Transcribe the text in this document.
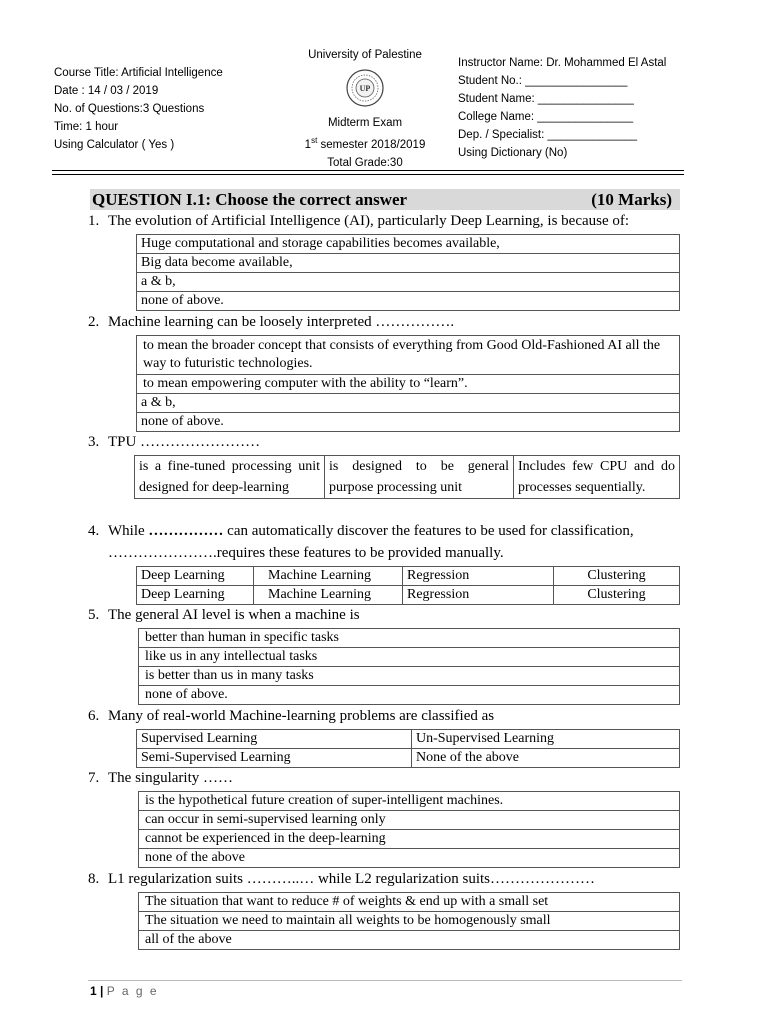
Course Title: Artificial Intelligence
Date : 14 / 03 / 2019
No. of Questions:3 Questions
Time: 1 hour
Using Calculator ( Yes )
University of Palestine
UP
Midterm Exam
1st semester 2018/2019
Total Grade:30
Instructor Name: Dr. Mohammed El Astal
Student No.: ________________
Student Name: _______________
College Name: _______________
Dep. / Specialist: ______________
Using Dictionary (No)
QUESTION I.1: Choose the correct answer	(10 Marks)
1. The evolution of Artificial Intelligence (AI), particularly Deep Learning, is because of:
Huge computational and storage capabilities becomes available,
Big data become available,
a & b,
none of above.
2. Machine learning can be loosely interpreted …………….
to mean the broader concept that consists of everything from Good Old-Fashioned AI all the way to futuristic technologies.
to mean empowering computer with the ability to “learn”.
a & b,
none of above.
3. TPU ……………………
is a fine-tuned processing unit designed for deep-learning	is designed to be general purpose processing unit	Includes few CPU and do processes sequentially.
4. While …………… can automatically discover the features to be used for classification,
………………….requires these features to be provided manually.
Deep Learning	Machine Learning	Regression	Clustering
Deep Learning	Machine Learning	Regression	Clustering
5. The general AI level is when a machine is
better than human in specific tasks
like us in any intellectual tasks
is better than us in many tasks
none of above.
6. Many of real-world Machine-learning problems are classified as
Supervised Learning	Un-Supervised Learning
Semi-Supervised Learning	None of the above
7. The singularity ……
is the hypothetical future creation of super-intelligent machines.
can occur in semi-supervised learning only
cannot be experienced in the deep-learning
none of the above
8. L1 regularization suits ………..… while L2 regularization suits…………………
The situation that want to reduce # of weights & end up with a small set
The situation we need to maintain all weights to be homogenously small
all of the above
1 | P a g e
